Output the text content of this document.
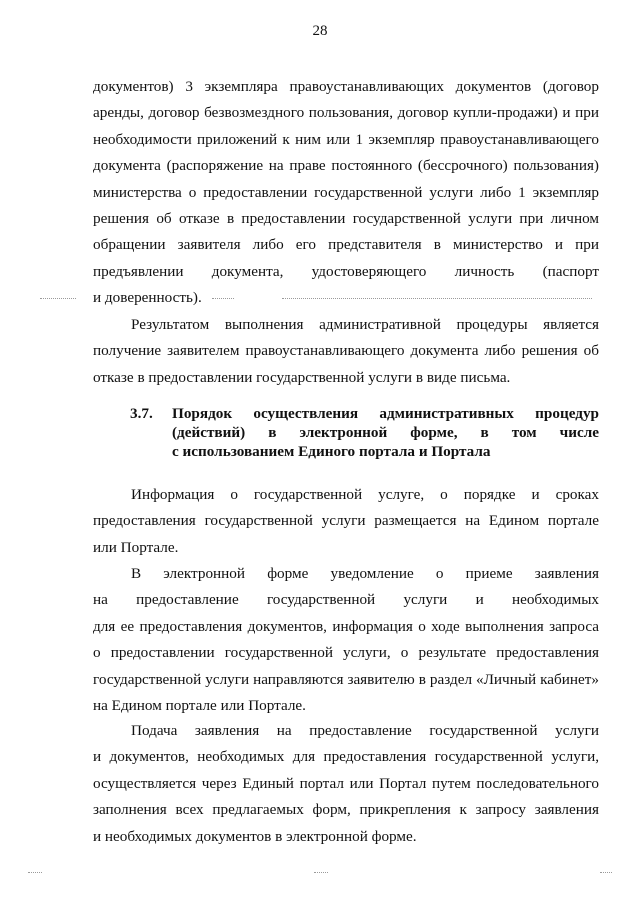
28
документов) 3 экземпляра правоустанавливающих документов (договор
аренды, договор безвозмездного пользования, договор купли-продажи) и при
необходимости приложений к ним или 1 экземпляр правоустанавливающего
документа (распоряжение на праве постоянного (бессрочного) пользования)
министерства о предоставлении государственной услуги либо 1 экземпляр
решения об отказе в предоставлении государственной услуги при личном
обращении заявителя либо его представителя в министерство и при
предъявлении документа, удостоверяющего личность (паспорт
и доверенность).
Результатом выполнения административной процедуры является
получение заявителем правоустанавливающего документа либо решения об
отказе в предоставлении государственной услуги в виде письма.
3.7. Порядок осуществления административных процедур
(действий) в электронной форме, в том числе
с использованием Единого портала и Портала
Информация о государственной услуге, о порядке и сроках
предоставления государственной услуги размещается на Едином портале
или Портале.
В электронной форме уведомление о приеме заявления
на предоставление государственной услуги и необходимых
для ее предоставления документов, информация о ходе выполнения запроса
о предоставлении государственной услуги, о результате предоставления
государственной услуги направляются заявителю в раздел «Личный кабинет»
на Едином портале или Портале.
Подача заявления на предоставление государственной услуги
и документов, необходимых для предоставления государственной услуги,
осуществляется через Единый портал или Портал путем последовательного
заполнения всех предлагаемых форм, прикрепления к запросу заявления
и необходимых документов в электронной форме.
